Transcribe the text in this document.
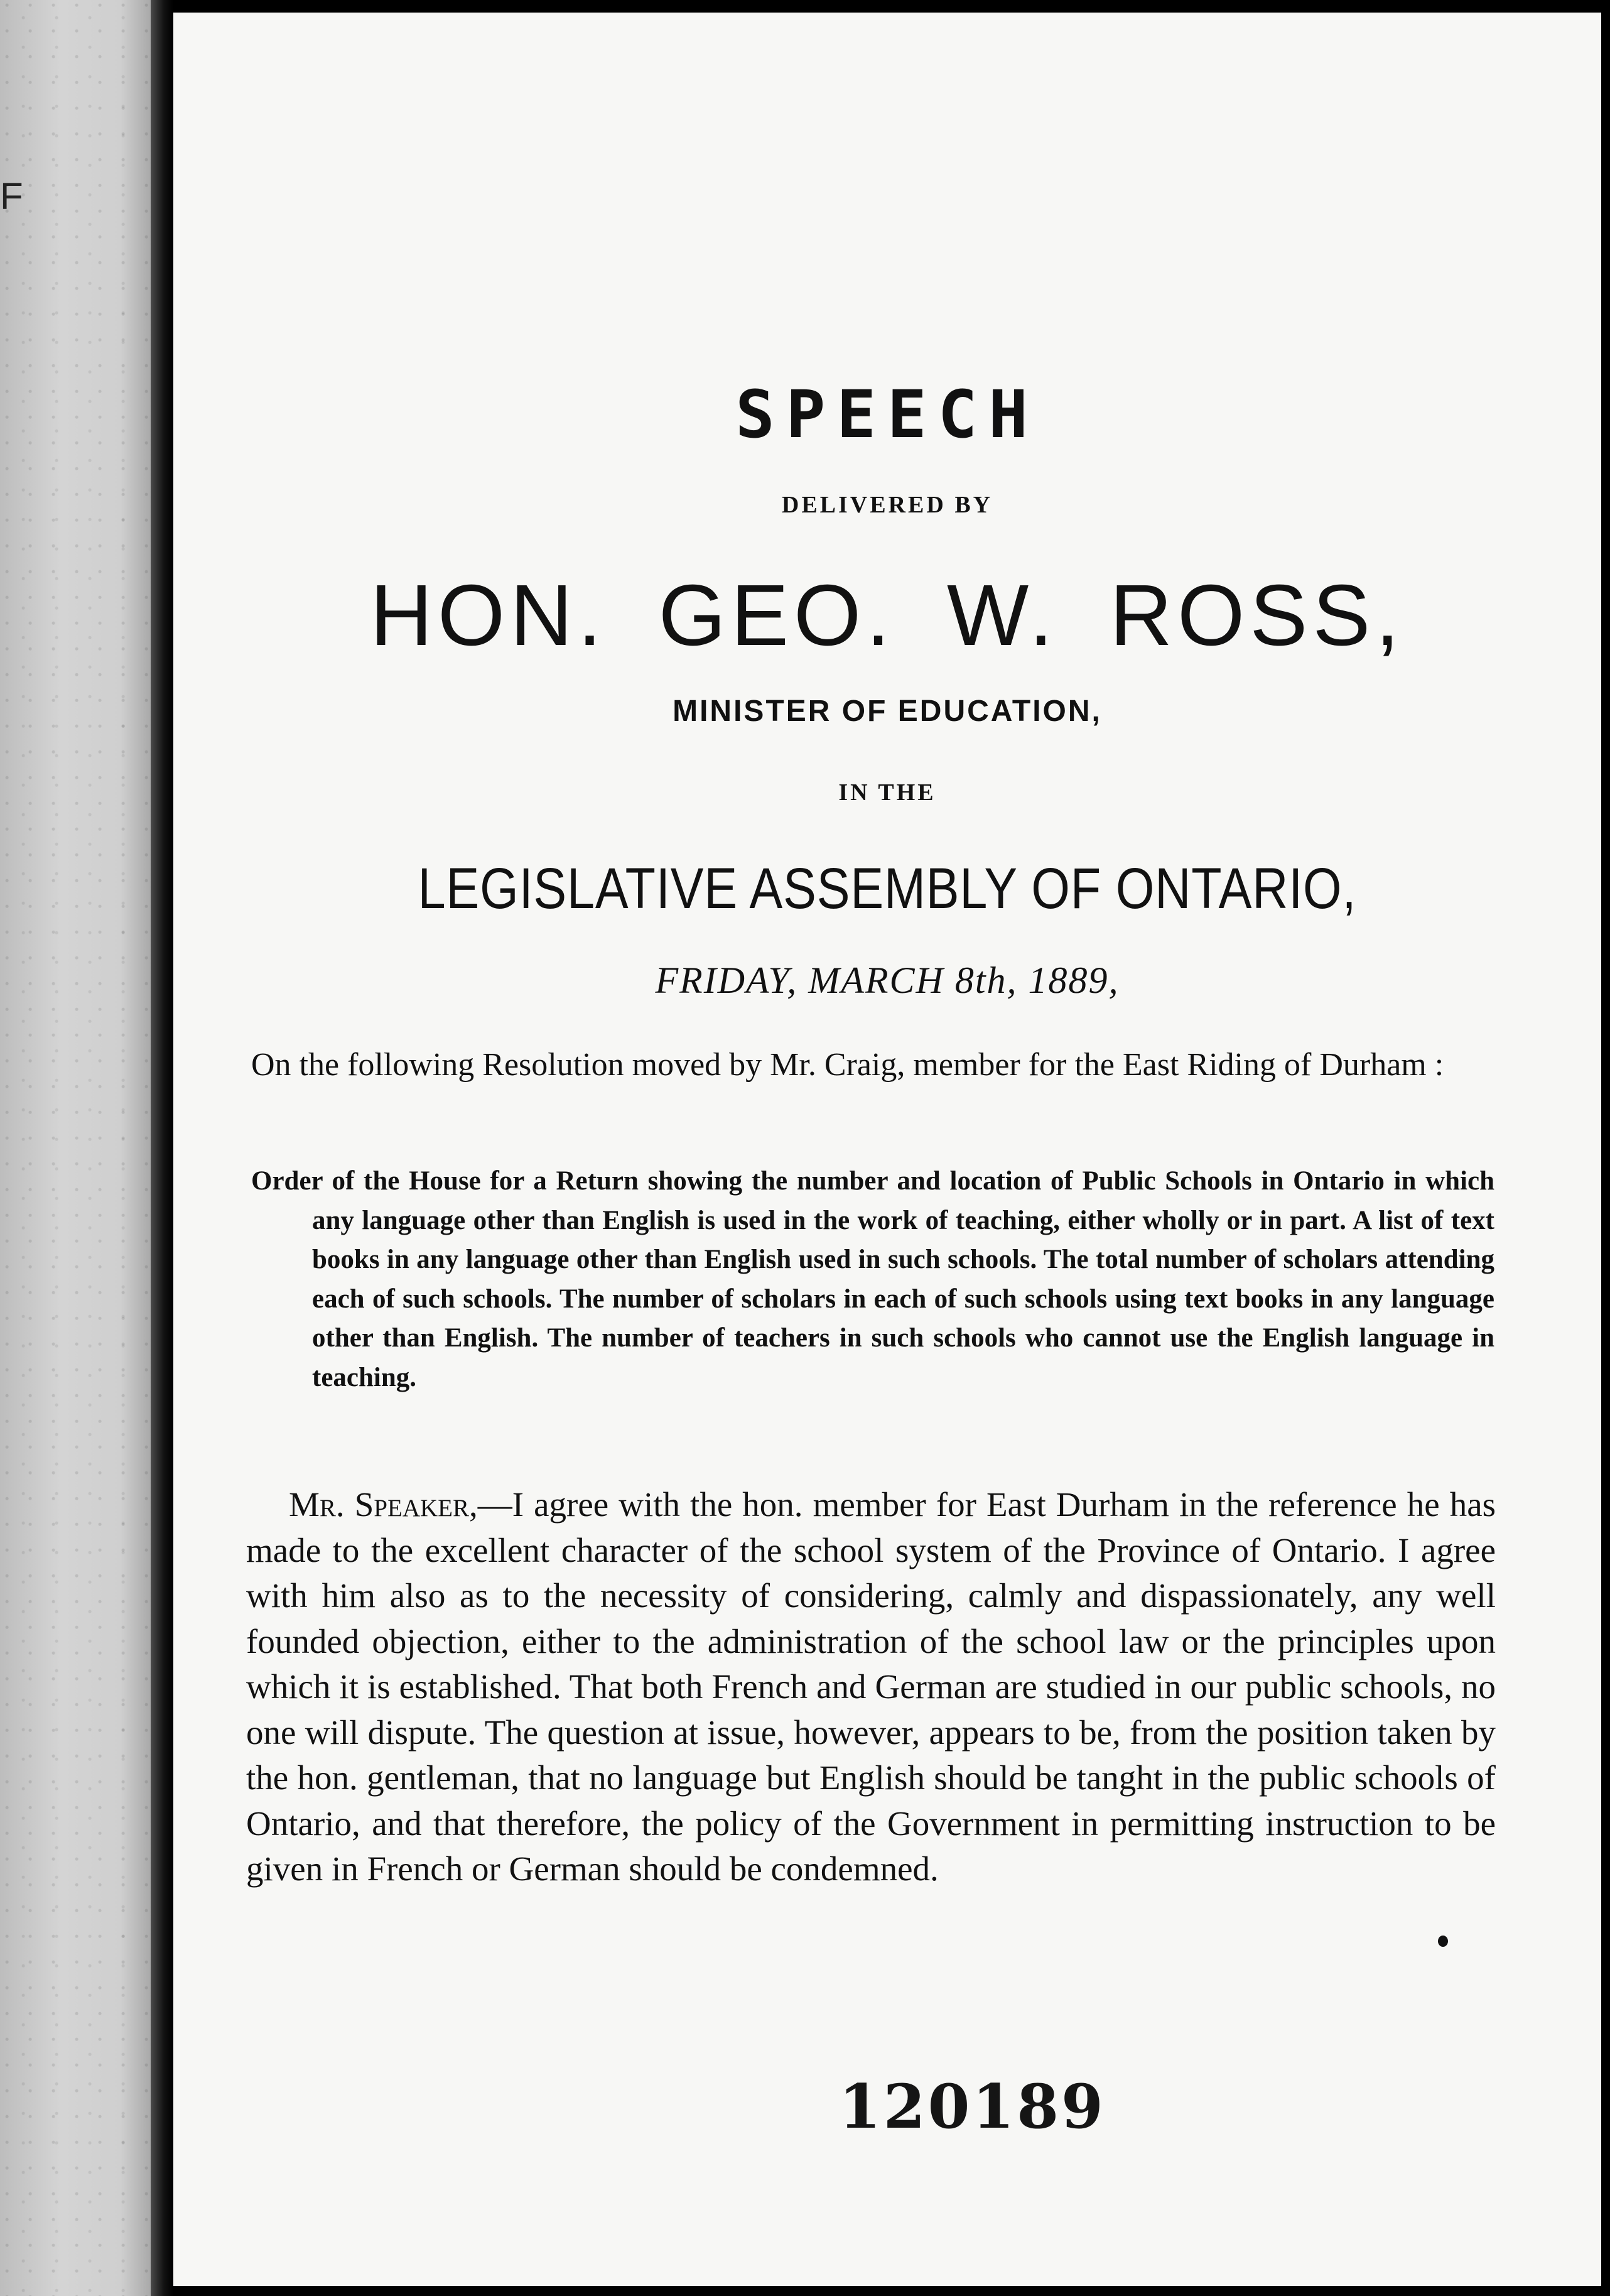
F
SPEECH
DELIVERED BY
HON. GEO. W. ROSS,
MINISTER OF EDUCATION,
IN THE
LEGISLATIVE ASSEMBLY OF ONTARIO,
FRIDAY, MARCH 8th, 1889,
On the following Resolution moved by Mr. Craig, member for the East Riding of Durham :
Order of the House for a Return showing the number and location of Public Schools in Ontario in which any language other than English is used in the work of teaching, either wholly or in part. A list of text books in any language other than English used in such schools. The total number of scholars attending each of such schools. The number of scholars in each of such schools using text books in any language other than English. The number of teachers in such schools who cannot use the English language in teaching.
Mr. Speaker,—I agree with the hon. member for East Durham in the reference he has made to the excellent character of the school system of the Province of Ontario. I agree with him also as to the necessity of considering, calmly and dispassionately, any well founded objection, either to the administration of the school law or the principles upon which it is established. That both French and German are studied in our public schools, no one will dispute. The question at issue, however, appears to be, from the position taken by the hon. gentleman, that no language but English should be tanght in the public schools of Ontario, and that therefore, the policy of the Government in permitting instruction to be given in French or German should be condemned.
120189
